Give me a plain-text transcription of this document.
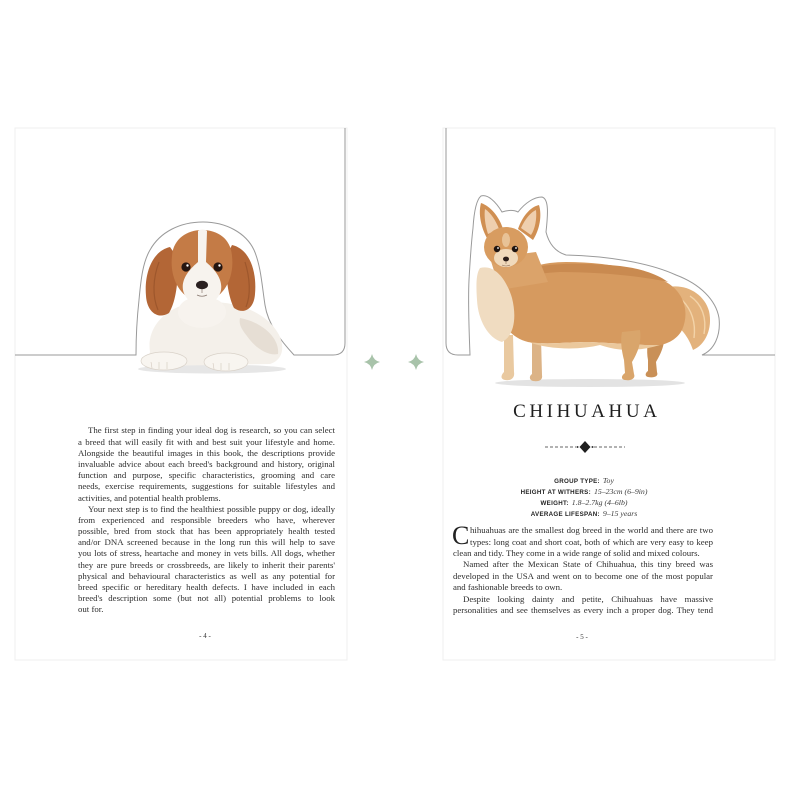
The first step in finding your ideal dog is research, so you can select
a breed that will easily fit with and best suit your lifestyle and home.
Alongside the beautiful images in this book, the descriptions provide
invaluable advice about each breed's background and history, original
function and purpose, specific characteristics, grooming and care
needs, exercise requirements, suggestions for suitable lifestyles and
activities, and potential health problems.
Your next step is to find the healthiest possible puppy or dog, ideally
from experienced and responsible breeders who have, wherever
possible, bred from stock that has been appropriately health tested
and/or DNA screened because in the long run this will help to save
you lots of stress, heartache and money in vets bills. All dogs, whether
they are pure breeds or crossbreeds, are likely to inherit their parents'
physical and behavioural characteristics as well as any potential for
breed specific or hereditary health defects. I have included in each
breed's description some (but not all) potential problems to look
out for.
- 4 -
CHIHUAHUA
GROUP TYPE: Toy
HEIGHT AT WITHERS: 15–23cm (6–9in)
WEIGHT: 1.8–2.7kg (4–6lb)
AVERAGE LIFESPAN: 9–15 years
C hihuahuas are the smallest dog breed in the world and there are two
types: long coat and short coat, both of which are very easy to keep
clean and tidy. They come in a wide range of solid and mixed colours.
Named after the Mexican State of Chihuahua, this tiny breed was
developed in the USA and went on to become one of the most popular
and fashionable breeds to own.
Despite looking dainty and petite, Chihuahuas have massive
personalities and see themselves as every inch a proper dog. They tend
- 5 -
